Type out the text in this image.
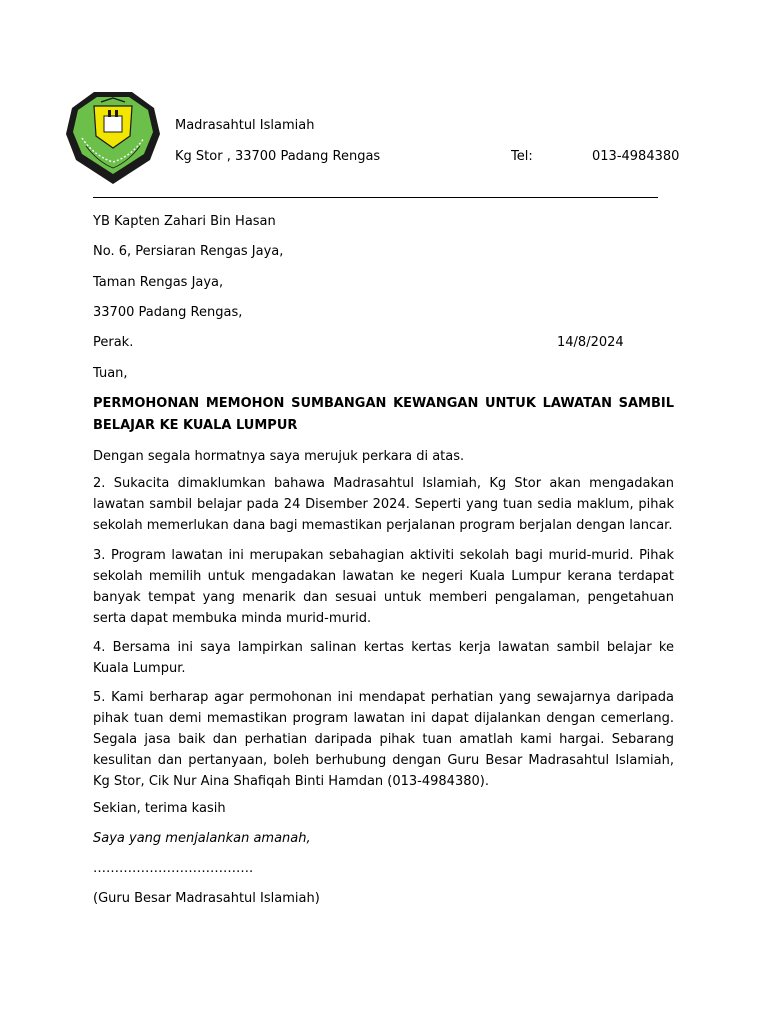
Madrasahtul Islamiah
Kg Stor , 33700 Padang Rengas	Tel:	013-4984380
YB Kapten Zahari Bin Hasan
No. 6, Persiaran Rengas Jaya,
Taman Rengas Jaya,
33700 Padang Rengas,
Perak.	14/8/2024
Tuan,
PERMOHONAN MEMOHON SUMBANGAN KEWANGAN UNTUK LAWATAN SAMBIL BELAJAR KE KUALA LUMPUR

Dengan segala hormatnya saya merujuk perkara di atas.

2. Sukacita dimaklumkan bahawa Madrasahtul Islamiah, Kg Stor akan mengadakan lawatan sambil belajar pada 24 Disember 2024. Seperti yang tuan sedia maklum, pihak sekolah memerlukan dana bagi memastikan perjalanan program berjalan dengan lancar.

3. Program lawatan ini merupakan sebahagian aktiviti sekolah bagi murid-murid. Pihak sekolah memilih untuk mengadakan lawatan ke negeri Kuala Lumpur kerana terdapat banyak tempat yang menarik dan sesuai untuk memberi pengalaman, pengetahuan serta dapat membuka minda murid-murid.

4. Bersama ini saya lampirkan salinan kertas kertas kerja lawatan sambil belajar ke Kuala Lumpur.

5. Kami berharap agar permohonan ini mendapat perhatian yang sewajarnya daripada pihak tuan demi memastikan program lawatan ini dapat dijalankan dengan cemerlang. Segala jasa baik dan perhatian daripada pihak tuan amatlah kami hargai. Sebarang kesulitan dan pertanyaan, boleh berhubung dengan Guru Besar Madrasahtul Islamiah, Kg Stor, Cik Nur Aina Shafiqah Binti Hamdan (013-4984380).

Sekian, terima kasih
Saya yang menjalankan amanah,
……………………………….
(Guru Besar Madrasahtul Islamiah)
